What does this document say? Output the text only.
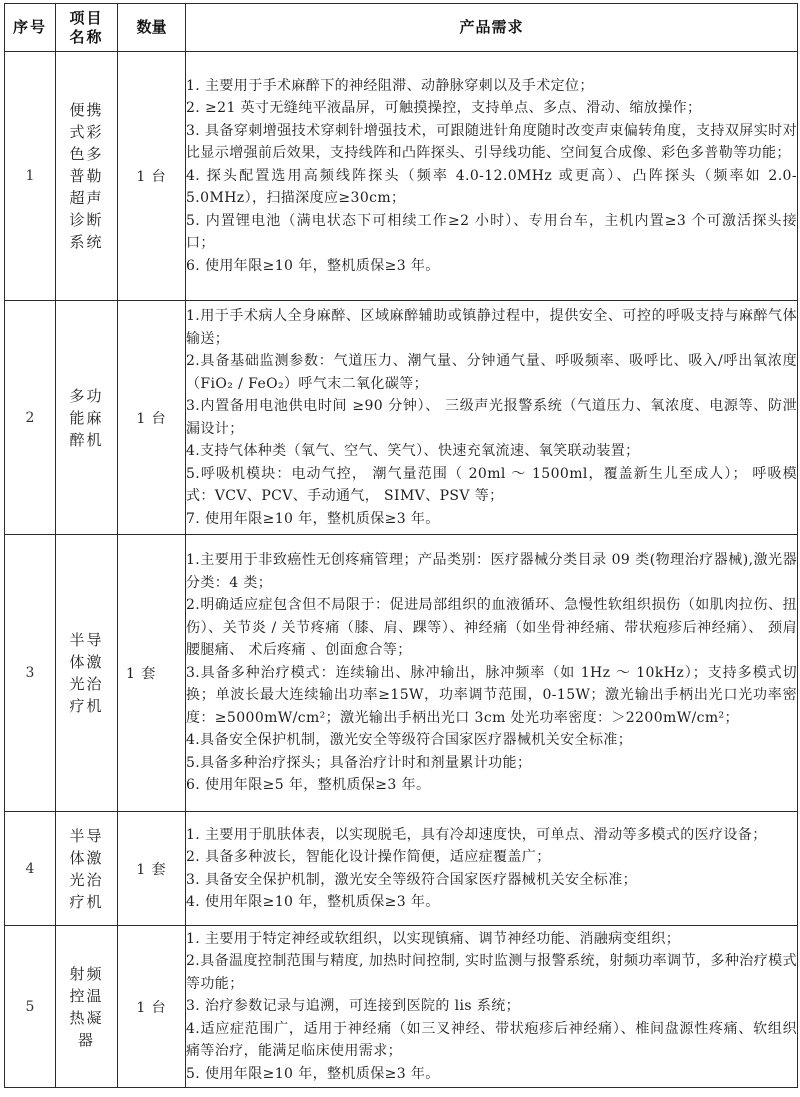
序号	项目名称	数量	产品需求
1	便携式彩色多普勒超声诊断系统	1 台	
1. 主要用于手术麻醉下的神经阻滞、动静脉穿刺以及手术定位；
2. ≥21 英寸无缝纯平液晶屏，可触摸操控，支持单点、多点、滑动、缩放操作；
3. 具备穿刺增强技术穿刺针增强技术，可跟随进针角度随时改变声束偏转角度，支持双屏实时对比显示增强前后效果，支持线阵和凸阵探头、引导线功能、空间复合成像、彩色多普勒等功能；
4. 探头配置选用高频线阵探头（频率 4.0-12.0MHz 或更高）、凸阵探头（频率如 2.0-5.0MHz），扫描深度应≥30cm；
5. 内置锂电池（满电状态下可相续工作≥2 小时）、专用台车，主机内置≥3 个可激活探头接口；
6. 使用年限≥10 年，整机质保≥3 年。

2	多功能麻醉机	1 台	
1.用于手术病人全身麻醉、区域麻醉辅助或镇静过程中，提供安全、可控的呼吸支持与麻醉气体输送；
2.具备基础监测参数：气道压力、潮气量、分钟通气量、呼吸频率、吸呼比、吸入/呼出氧浓度（FiO₂ / FeO₂）呼气末二氧化碳等；
3.内置备用电池供电时间 ≥90 分钟）、 三级声光报警系统（气道压力、氧浓度、电源等、防泄漏设计；
4.支持气体种类（氧气、空气、笑气）、快速充氧流速、氧笑联动装置；
5.呼吸机模块：电动气控， 潮气量范围（ 20ml ～ 1500ml，覆盖新生儿至成人）； 呼吸模式：VCV、PCV、手动通气， SIMV、PSV 等；
7. 使用年限≥10 年，整机质保≥3 年。

3	半导体激光治疗机	1 套	
1.主要用于非致癌性无创疼痛管理；产品类别：医疗器械分类目录 09 类(物理治疗器械),激光器分类：4 类；
2.明确适应症包含但不局限于：促进局部组织的血液循环、急慢性软组织损伤（如肌肉拉伤、扭伤）、关节炎 / 关节疼痛（膝、肩、踝等）、神经痛（如坐骨神经痛、带状疱疹后神经痛）、 颈肩腰腿痛、 术后疼痛 、创面愈合等；
3.具备多种治疗模式：连续输出、脉冲输出，脉冲频率（如 1Hz ～ 10kHz）；支持多模式切换；单波长最大连续输出功率≥15W，功率调节范围，0-15W；激光输出手柄出光口光功率密度：≥5000mW/cm²；激光输出手柄出光口 3cm 处光功率密度：＞2200mW/cm²；
4.具备安全保护机制，激光安全等级符合国家医疗器械机关安全标准；
5.具备多种治疗探头；具备治疗计时和剂量累计功能；
6. 使用年限≥5 年，整机质保≥3 年。

4	半导体激光治疗机	1 套	1. 主要用于肌肤体表，以实现脱毛，具有冷却速度快，可单点、滑动等多模式的医疗设备；
2. 具备多种波长，智能化设计操作简便，适应症覆盖广；
3. 具备安全保护机制，激光安全等级符合国家医疗器械机关安全标准；
4. 使用年限≥10 年，整机质保≥3 年。

5	射频控温热凝器	1 台	1. 主要用于特定神经或软组织，以实现镇痛、调节神经功能、消融病变组织；
2.具备温度控制范围与精度, 加热时间控制, 实时监测与报警系统，射频功率调节，多种治疗模式等功能；
3. 治疗参数记录与追溯，可连接到医院的 lis 系统；
4.适应症范围广，适用于神经痛（如三叉神经、带状疱疹后神经痛）、椎间盘源性疼痛、软组织痛等治疗，能满足临床使用需求；
5. 使用年限≥10 年，整机质保≥3 年。
